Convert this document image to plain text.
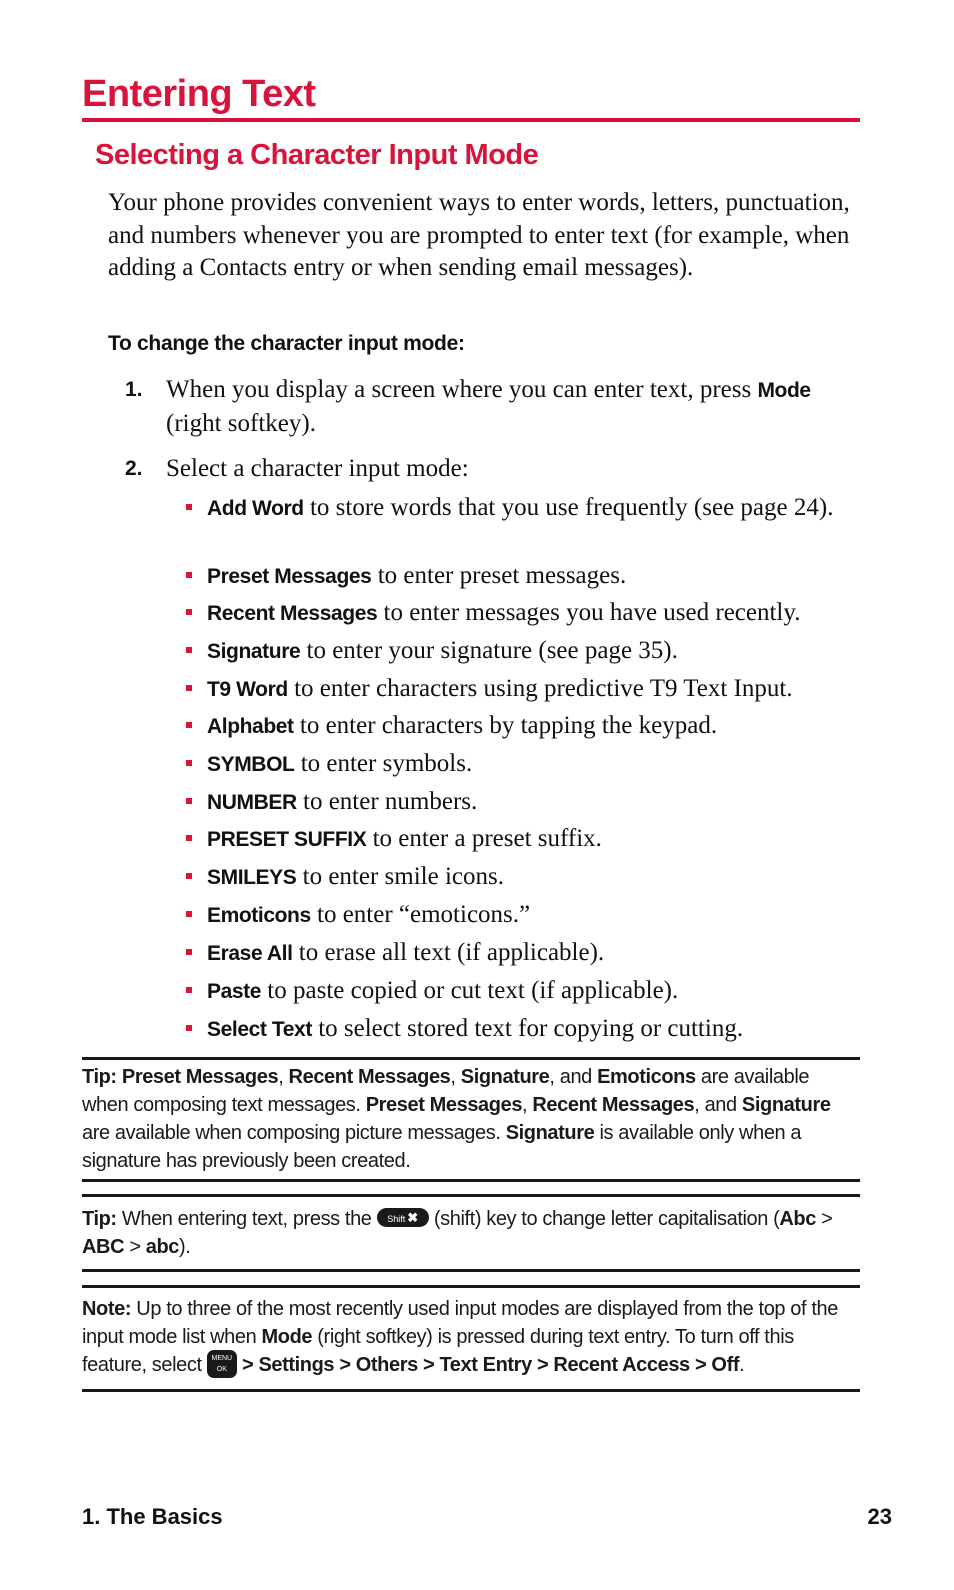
Entering Text
Selecting a Character Input Mode
Your phone provides convenient ways to enter words, letters, punctuation, and numbers whenever you are prompted to enter text (for example, when adding a Contacts entry or when sending email messages).
To change the character input mode:
1. When you display a screen where you can enter text, press Mode (right softkey).
2. Select a character input mode:
Add Word to store words that you use frequently (see page 24).
Preset Messages to enter preset messages.
Recent Messages to enter messages you have used recently.
Signature to enter your signature (see page 35).
T9 Word to enter characters using predictive T9 Text Input.
Alphabet to enter characters by tapping the keypad.
SYMBOL to enter symbols.
NUMBER to enter numbers.
PRESET SUFFIX to enter a preset suffix.
SMILEYS to enter smile icons.
Emoticons to enter “emoticons.”
Erase All to erase all text (if applicable).
Paste to paste copied or cut text (if applicable).
Select Text to select stored text for copying or cutting.
Tip: Preset Messages, Recent Messages, Signature, and Emoticons are available when composing text messages. Preset Messages, Recent Messages, and Signature are available when composing picture messages. Signature is available only when a signature has previously been created.
Tip: When entering text, press the Shift ✖ (shift) key to change letter capitalisation (Abc > ABC > abc).
Note: Up to three of the most recently used input modes are displayed from the top of the input mode list when Mode (right softkey) is pressed during text entry. To turn off this feature, select MENU
OK > Settings > Others > Text Entry > Recent Access > Off.
1. The Basics	23
